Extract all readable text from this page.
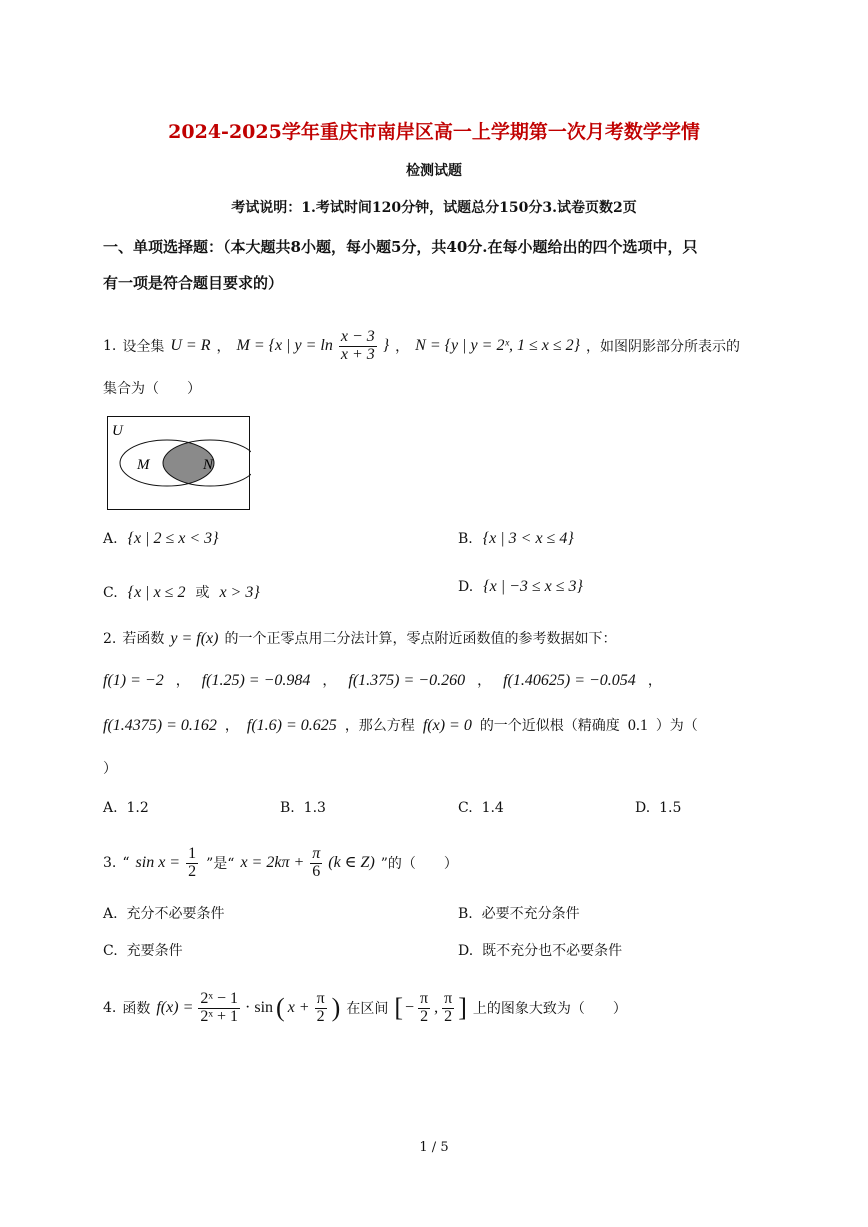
2024-2025学年重庆市南岸区高一上学期第一次月考数学学情
检测试题
考试说明：1.考试时间120分钟，试题总分150分3.试卷页数2页
一、单项选择题：（本大题共8小题，每小题5分，共40分.在每小题给出的四个选项中，只
有一项是符合题目要求的）
1. 设全集 U = R ， M = {x | $y = \ln \frac{x - 3}{x + 3}$ } ， N = {y | y = 2ˣ, 1 ≤ x ≤ 2} ，如图阴影部分所表示的
集合为（　　）
U
M	N
A. {x | 2 ≤ x < 3}	B. {x | 3 < x ≤ 4}
C. {x | x ≤ 2 或 x > 3}	D. {x | −3 ≤ x ≤ 3}
2. 若函数 y = f(x) 的一个正零点用二分法计算，零点附近函数值的参考数据如下：
f(1) = −2 ， f(1.25) = −0.984 ， f(1.375) = −0.260 ， f(1.40625) = −0.054 ，
f(1.4375) = 0.162 ， f(1.6) = 0.625 ，那么方程 f(x) = 0 的一个近似根（精确度 0.1 ）为（
）
A. 1.2	B. 1.3	C. 1.4	D. 1.5
3. “ $\sin x = \frac{1}{2}$ ”是“ $x = 2k\pi + \frac{\pi}{6} (k$ ∈ Z) ”的（　　）
A. 充分不必要条件	B. 必要不充分条件
C. 充要条件	D. 既不充分也不必要条件
4. 函数 $f(x) = \frac{\text{2ˣ − 1}}{\text{2ˣ + 1}} \cdot \sin$ ( $x + \frac{\pi}{2}$ ) 在区间 [ − $\frac{\pi}{2}$ , $\frac{\pi}{2}$ ] 上的图象大致为（　　）
1 / 5
